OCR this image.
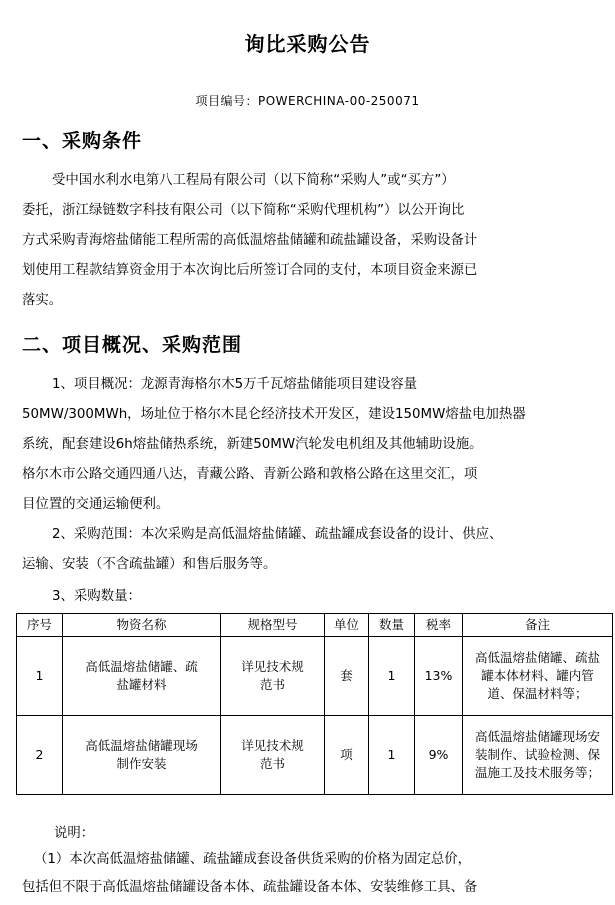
询比采购公告
项目编号：POWERCHINA-00-250071
一、采购条件
受中国水利水电第八工程局有限公司（以下简称“采购人”或“买方”）
委托，浙江绿链数字科技有限公司（以下简称“采购代理机构”）以公开询比
方式采购青海熔盐储能工程所需的高低温熔盐储罐和疏盐罐设备，采购设备计
划使用工程款结算资金用于本次询比后所签订合同的支付，本项目资金来源已
落实。
二、项目概况、采购范围
1、项目概况：龙源青海格尔木5万千瓦熔盐储能项目建设容量
50MW/300MWh，场址位于格尔木昆仑经济技术开发区，建设150MW熔盐电加热器
系统，配套建设6h熔盐储热系统，新建50MW汽轮发电机组及其他辅助设施。
格尔木市公路交通四通八达，青藏公路、青新公路和敦格公路在这里交汇，项
目位置的交通运输便利。
2、采购范围：本次采购是高低温熔盐储罐、疏盐罐成套设备的设计、供应、
运输、安装（不含疏盐罐）和售后服务等。
3、采购数量：
序号	物资名称	规格型号	单位	数量	税率	备注
1	高低温熔盐储罐、疏盐罐材料	详见技术规范书	套	1	13%	高低温熔盐储罐、疏盐罐本体材料、罐内管道、保温材料等；
2	高低温熔盐储罐现场制作安装	详见技术规范书	项	1	9%	高低温熔盐储罐现场安装制作、试验检测、保温施工及技术服务等；
说明：
（1）本次高低温熔盐储罐、疏盐罐成套设备供货采购的价格为固定总价，
包括但不限于高低温熔盐储罐设备本体、疏盐罐设备本体、安装维修工具、备
